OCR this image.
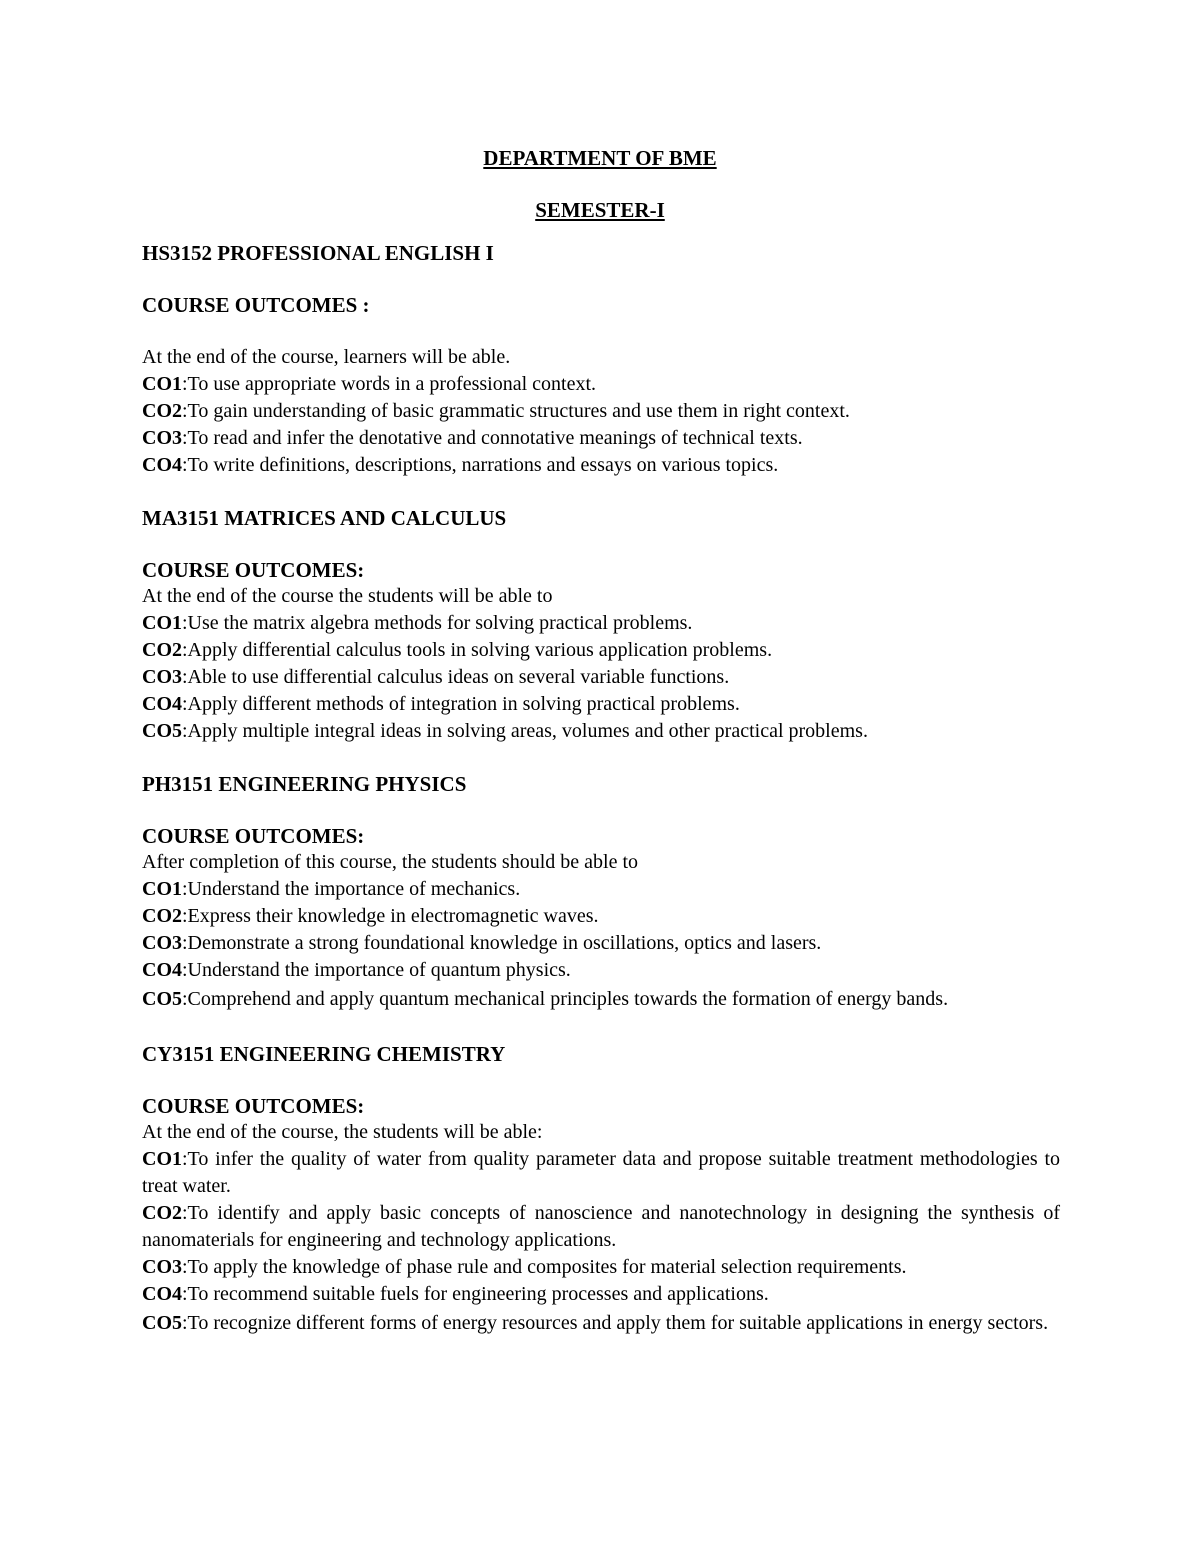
DEPARTMENT OF BME
SEMESTER-I

HS3152 PROFESSIONAL ENGLISH I

COURSE OUTCOMES :

At the end of the course, learners will be able.

CO1:To use appropriate words in a professional context.

CO2:To gain understanding of basic grammatic structures and use them in right context.

CO3:To read and infer the denotative and connotative meanings of technical texts.

CO4:To write definitions, descriptions, narrations and essays on various topics.

MA3151 MATRICES AND CALCULUS

COURSE OUTCOMES:

At the end of the course the students will be able to

CO1:Use the matrix algebra methods for solving practical problems.

CO2:Apply differential calculus tools in solving various application problems.

CO3:Able to use differential calculus ideas on several variable functions.

CO4:Apply different methods of integration in solving practical problems.

CO5:Apply multiple integral ideas in solving areas, volumes and other practical problems.

PH3151 ENGINEERING PHYSICS

COURSE OUTCOMES:

After completion of this course, the students should be able to

CO1:Understand the importance of mechanics.

CO2:Express their knowledge in electromagnetic waves.

CO3:Demonstrate a strong foundational knowledge in oscillations, optics and lasers.

CO4:Understand the importance of quantum physics.

CO5:Comprehend and apply quantum mechanical principles towards the formation of energy bands.

CY3151 ENGINEERING CHEMISTRY

COURSE OUTCOMES:

At the end of the course, the students will be able:

CO1:To infer the quality of water from quality parameter data and propose suitable treatment methodologies to treat water.

CO2:To identify and apply basic concepts of nanoscience and nanotechnology in designing the synthesis of nanomaterials for engineering and technology applications.

CO3:To apply the knowledge of phase rule and composites for material selection requirements.

CO4:To recommend suitable fuels for engineering processes and applications.

CO5:To recognize different forms of energy resources and apply them for suitable applications in energy sectors.
